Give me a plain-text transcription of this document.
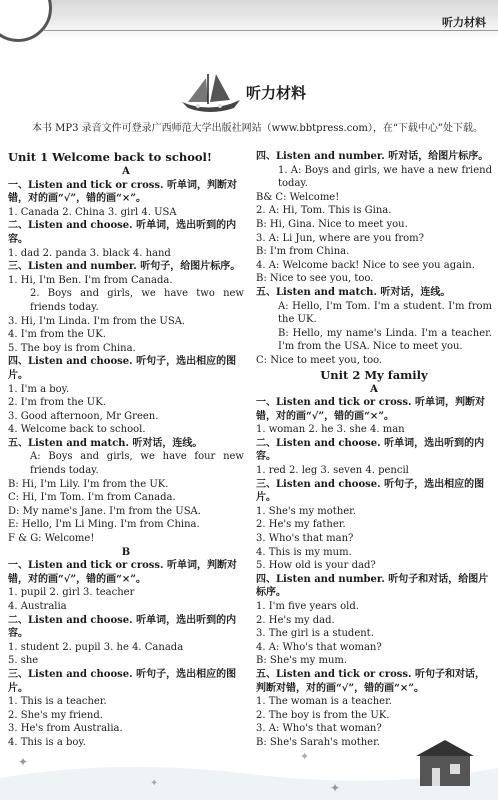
听力材料
听力材料
本书 MP3 录音文件可登录广西师范大学出版社网站（www.bbtpress.com），在“下载中心”处下载。
Unit 1 Welcome back to school!
A
一、Listen and tick or cross. 听单词，判断对错，对的画“√”，错的画“×”。
1. Canada 2. China 3. girl 4. USA
二、Listen and choose. 听单词，选出听到的内容。
1. dad 2. panda 3. black 4. hand
三、Listen and number. 听句子，给图片标序。
1. Hi, I'm Ben. I'm from Canada.
2. Boys and girls, we have two new friends today.
3. Hi, I'm Linda. I'm from the USA.
4. I'm from the UK.
5. The boy is from China.
四、Listen and choose. 听句子，选出相应的图片。
1. I'm a boy.
2. I'm from the UK.
3. Good afternoon, Mr Green.
4. Welcome back to school.
五、Listen and match. 听对话，连线。
A: Boys and girls, we have four new friends today.
B: Hi, I'm Lily. I'm from the UK.
C: Hi, I'm Tom. I'm from Canada.
D: My name's Jane. I'm from the USA.
E: Hello, I'm Li Ming. I'm from China.
F & G: Welcome!
B
一、Listen and tick or cross. 听单词，判断对错，对的画“√”，错的画“×”。
1. pupil 2. girl 3. teacher
4. Australia
二、Listen and choose. 听单词，选出听到的内容。
1. student 2. pupil 3. he 4. Canada
5. she
三、Listen and choose. 听句子，选出相应的图片。
1. This is a teacher.
2. She's my friend.
3. He's from Australia.
4. This is a boy.
四、Listen and number. 听对话，给图片标序。
1. A: Boys and girls, we have a new friend today.
B& C: Welcome!
2. A: Hi, Tom. This is Gina.
B: Hi, Gina. Nice to meet you.
3. A: Li Jun, where are you from?
B: I'm from China.
4. A: Welcome back! Nice to see you again.
B: Nice to see you, too.
五、Listen and match. 听对话，连线。
A: Hello, I'm Tom. I'm a student. I'm from the UK.
B: Hello, my name's Linda. I'm a teacher. I'm from the USA. Nice to meet you.
C: Nice to meet you, too.
Unit 2 My family
A
一、Listen and tick or cross. 听单词，判断对错，对的画“√”，错的画“×”。
1. woman 2. he 3. she 4. man
二、Listen and choose. 听单词，选出听到的内容。
1. red 2. leg 3. seven 4. pencil
三、Listen and choose. 听句子，选出相应的图片。
1. She's my mother.
2. He's my father.
3. Who's that man?
4. This is my mum.
5. How old is your dad?
四、Listen and number. 听句子和对话，给图片标序。
1. I'm five years old.
2. He's my dad.
3. The girl is a student.
4. A: Who's that woman?
B: She's my mum.
五、Listen and tick or cross. 听句子和对话，判断对错，对的画“√”，错的画“×”。
1. The woman is a teacher.
2. The boy is from the UK.
3. A: Who's that woman?
B: She's Sarah's mother.
✦
✦
✦
✦
